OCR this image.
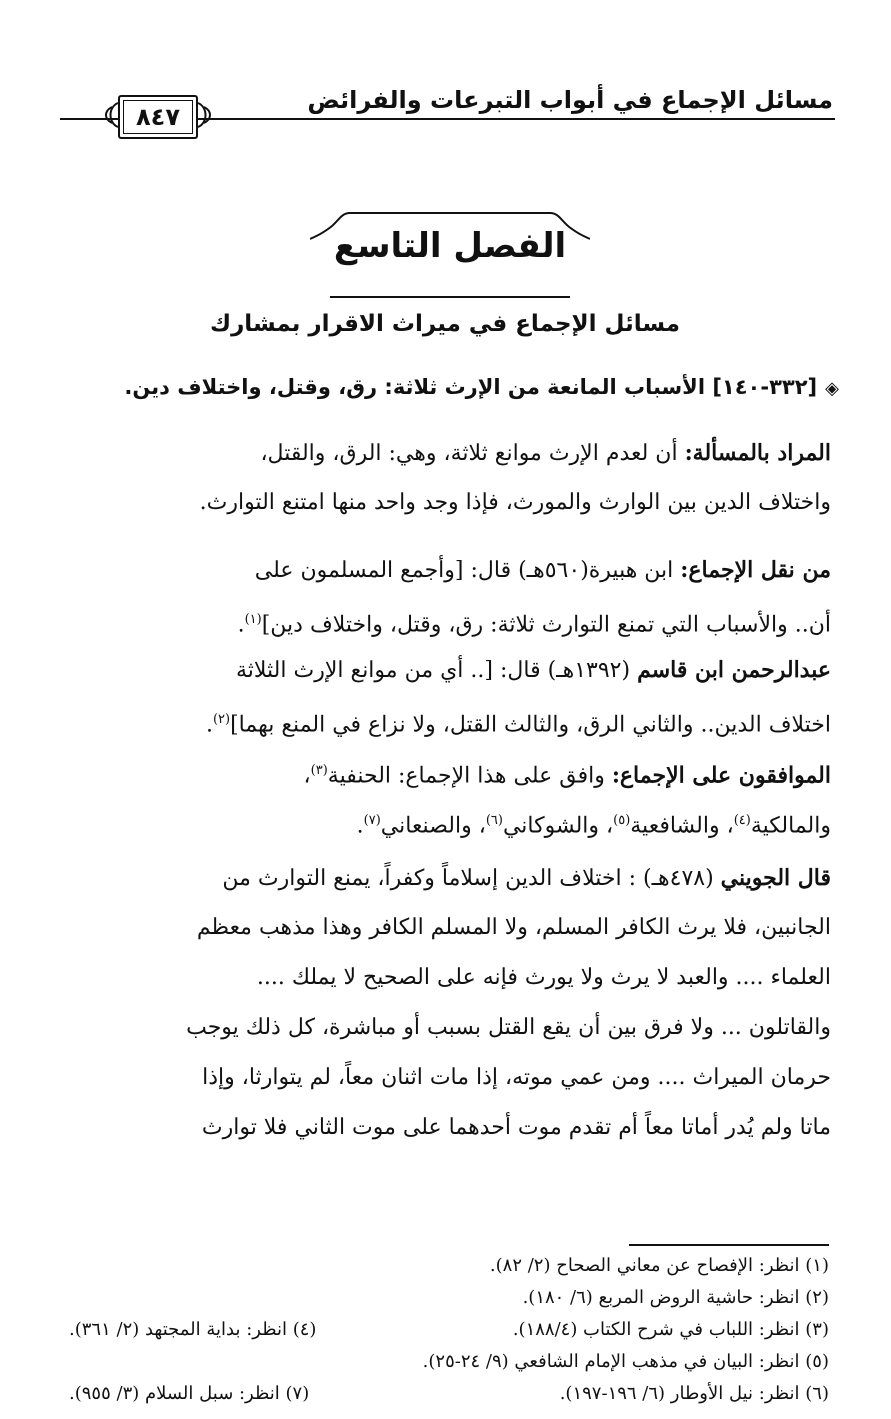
مسائل الإجماع في أبواب التبرعات والفرائض
٨٤٧
الفصل التاسع
مسائل الإجماع في ميراث الاقرار بمشارك
◈[٣٣٢-١٤٠] الأسباب المانعة من الإرث ثلاثة: رق، وقتل، واختلاف دين.
المراد بالمسألة: أن لعدم الإرث موانع ثلاثة، وهي: الرق، والقتل،
واختلاف الدين بين الوارث والمورث، فإذا وجد واحد منها امتنع التوارث.
من نقل الإجماع: ابن هبيرة(٥٦٠هـ) قال: [وأجمع المسلمون على
أن.. والأسباب التي تمنع التوارث ثلاثة: رق، وقتل، واختلاف دين]$^{(١)}$.
عبدالرحمن ابن قاسم (١٣٩٢هـ) قال: [.. أي من موانع الإرث الثلاثة
اختلاف الدين.. والثاني الرق، والثالث القتل، ولا نزاع في المنع بهما]$^{(٢)}$.
الموافقون على الإجماع: وافق على هذا الإجماع: الحنفية$^{(٣)}$،
والمالكية$^{(٤)}$، والشافعية$^{(٥)}$، والشوكاني$^{(٦)}$، والصنعاني$^{(٧)}$.
قال الجويني (٤٧٨هـ) : اختلاف الدين إسلاماً وكفراً، يمنع التوارث من
الجانبين، فلا يرث الكافر المسلم، ولا المسلم الكافر وهذا مذهب معظم
العلماء .... والعبد لا يرث ولا يورث فإنه على الصحيح لا يملك ....
والقاتلون ... ولا فرق بين أن يقع القتل بسبب أو مباشرة، كل ذلك يوجب
حرمان الميراث .... ومن عمي موته، إذا مات اثنان معاً، لم يتوارثا، وإذا
ماتا ولم يُدر أماتا معاً أم تقدم موت أحدهما على موت الثاني فلا توارث
(١) انظر: الإفصاح عن معاني الصحاح (٢/ ٨٢).
(٢) انظر: حاشية الروض المربع (٦/ ١٨٠).
(٣) انظر: اللباب في شرح الكتاب (١٨٨/٤).
(٤) انظر: بداية المجتهد (٢/ ٣٦١).
(٥) انظر: البيان في مذهب الإمام الشافعي (٩/ ٢٤-٢٥).
(٦) انظر: نيل الأوطار (٦/ ١٩٦-١٩٧).
(٧) انظر: سبل السلام (٣/ ٩٥٥).
